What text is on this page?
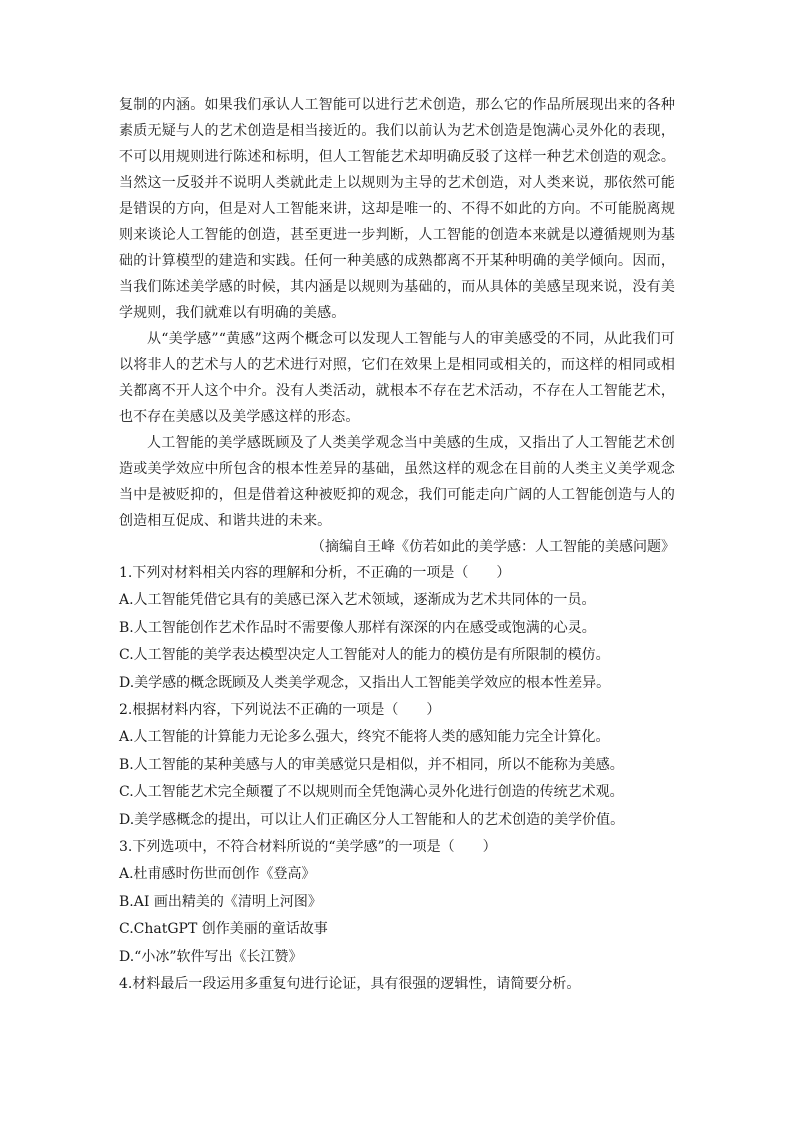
复制的内涵。如果我们承认人工智能可以进行艺术创造，那么它的作品所展现出来的各种素质无疑与人的艺术创造是相当接近的。我们以前认为艺术创造是饱满心灵外化的表现，不可以用规则进行陈述和标明，但人工智能艺术却明确反驳了这样一种艺术创造的观念。当然这一反驳并不说明人类就此走上以规则为主导的艺术创造，对人类来说，那依然可能是错误的方向，但是对人工智能来讲，这却是唯一的、不得不如此的方向。不可能脱离规则来谈论人工智能的创造，甚至更进一步判断，人工智能的创造本来就是以遵循规则为基础的计算模型的建造和实践。任何一种美感的成熟都离不开某种明确的美学倾向。因而，当我们陈述美学感的时候，其内涵是以规则为基础的，而从具体的美感呈现来说，没有美学规则，我们就难以有明确的美感。

从“美学感”“黄感”这两个概念可以发现人工智能与人的审美感受的不同，从此我们可以将非人的艺术与人的艺术进行对照，它们在效果上是相同或相关的，而这样的相同或相关都离不开人这个中介。没有人类活动，就根本不存在艺术活动，不存在人工智能艺术，也不存在美感以及美学感这样的形态。

人工智能的美学感既顾及了人类美学观念当中美感的生成，又指出了人工智能艺术创造或美学效应中所包含的根本性差异的基础，虽然这样的观念在目前的人类主义美学观念当中是被贬抑的，但是借着这种被贬抑的观念，我们可能走向广阔的人工智能创造与人的创造相互促成、和谐共进的未来。

（摘编自王峰《仿若如此的美学感：人工智能的美感问题》

1.下列对材料相关内容的理解和分析，不正确的一项是（　　）

A.人工智能凭借它具有的美感已深入艺术领域，逐渐成为艺术共同体的一员。

B.人工智能创作艺术作品时不需要像人那样有深深的内在感受或饱满的心灵。

C.人工智能的美学表达模型决定人工智能对人的能力的模仿是有所限制的模仿。

D.美学感的概念既顾及人类美学观念，又指出人工智能美学效应的根本性差异。

2.根据材料内容，下列说法不正确的一项是（　　）

A.人工智能的计算能力无论多么强大，终究不能将人类的感知能力完全计算化。

B.人工智能的某种美感与人的审美感觉只是相似，并不相同，所以不能称为美感。

C.人工智能艺术完全颠覆了不以规则而全凭饱满心灵外化进行创造的传统艺术观。

D.美学感概念的提出，可以让人们正确区分人工智能和人的艺术创造的美学价值。

3.下列选项中，不符合材料所说的“美学感”的一项是（　　）

A.杜甫感时伤世而创作《登高》

B.AI 画出精美的《清明上河图》

C.ChatGPT 创作美丽的童话故事

D.“小冰”软件写出《长江赞》

4.材料最后一段运用多重复句进行论证，具有很强的逻辑性，请简要分析。
